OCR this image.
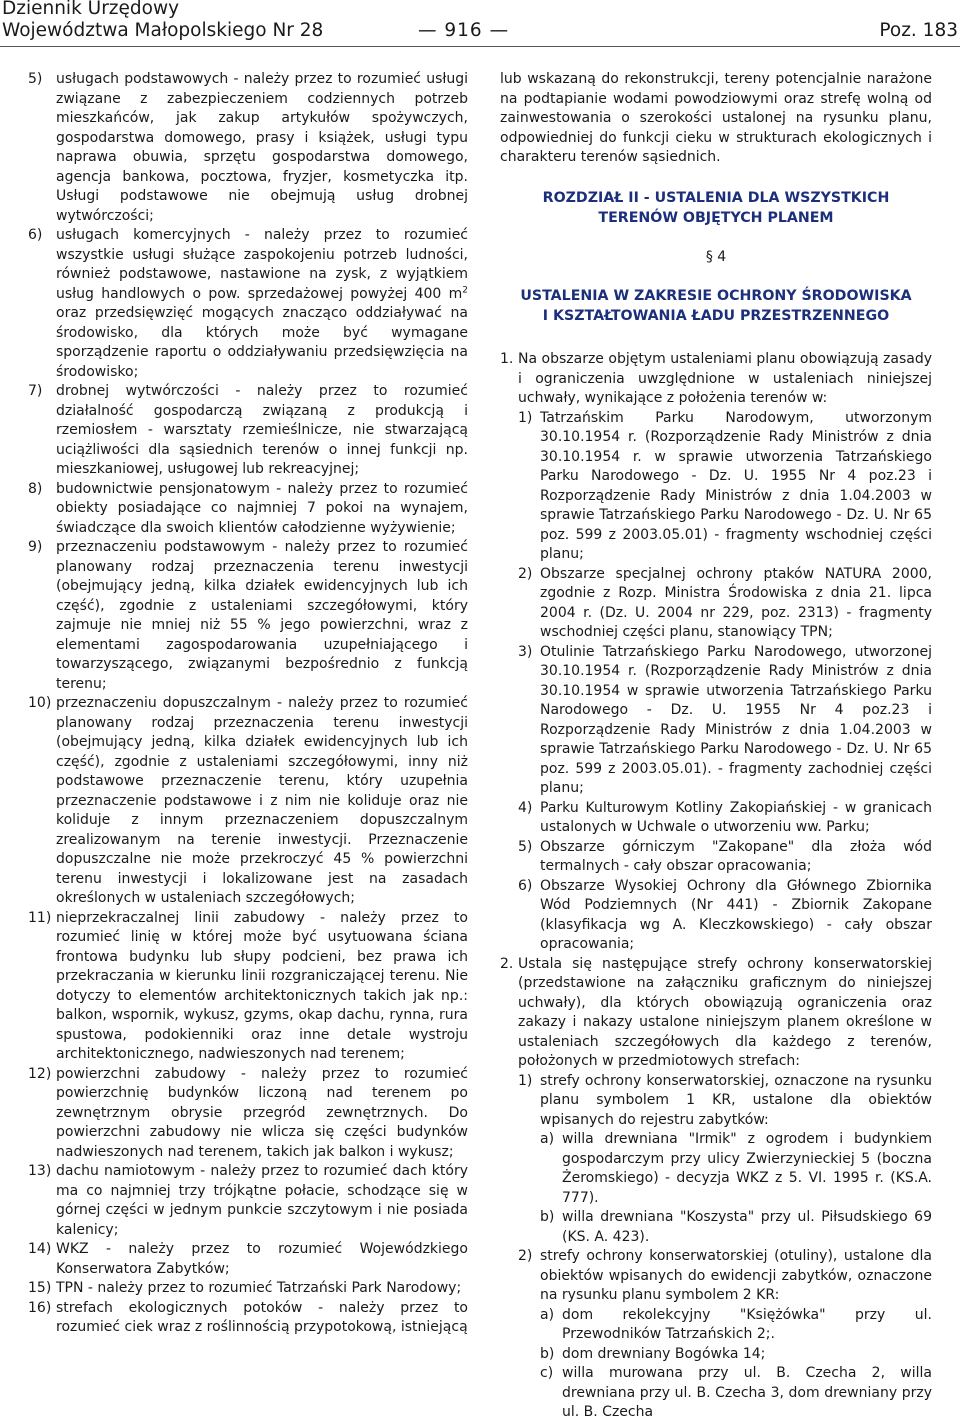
Dziennik Urzędowy
Województwa Małopolskiego Nr 28	— 916 —	Poz. 183
5) usługach podstawowych - należy przez to rozumieć usługi związane z zabezpieczeniem codziennych potrzeb mieszkańców, jak zakup artykułów spożywczych, gospodarstwa domowego, prasy i książek, usługi typu naprawa obuwia, sprzętu gospodarstwa domowego, agencja bankowa, pocztowa, fryzjer, kosmetyczka itp. Usługi podstawowe nie obejmują usług drobnej wytwórczości;
6) usługach komercyjnych - należy przez to rozumieć wszystkie usługi służące zaspokojeniu potrzeb ludności, również podstawowe, nastawione na zysk, z wyjątkiem usług handlowych o pow. sprzedażowej powyżej 400 $m^2$ oraz przedsięwzięć mogących znacząco oddziaływać na środowisko, dla których może być wymagane sporządzenie raportu o oddziaływaniu przedsięwzięcia na środowisko;
7) drobnej wytwórczości - należy przez to rozumieć działalność gospodarczą związaną z produkcją i rzemiosłem - warsztaty rzemieślnicze, nie stwarzającą uciążliwości dla sąsiednich terenów o innej funkcji np. mieszkaniowej, usługowej lub rekreacyjnej;
8) budownictwie pensjonatowym - należy przez to rozumieć obiekty posiadające co najmniej 7 pokoi na wynajem, świadczące dla swoich klientów całodzienne wyżywienie;
9) przeznaczeniu podstawowym - należy przez to rozumieć planowany rodzaj przeznaczenia terenu inwestycji (obejmujący jedną, kilka działek ewidencyjnych lub ich część), zgodnie z ustaleniami szczegółowymi, który zajmuje nie mniej niż 55 % jego powierzchni, wraz z elementami zagospodarowania uzupełniającego i towarzyszącego, związanymi bezpośrednio z funkcją terenu;
10) przeznaczeniu dopuszczalnym - należy przez to rozumieć planowany rodzaj przeznaczenia terenu inwestycji (obejmujący jedną, kilka działek ewidencyjnych lub ich część), zgodnie z ustaleniami szczegółowymi, inny niż podstawowe przeznaczenie terenu, który uzupełnia przeznaczenie podstawowe i z nim nie koliduje oraz nie koliduje z innym przeznaczeniem dopuszczalnym zrealizowanym na terenie inwestycji. Przeznaczenie dopuszczalne nie może przekroczyć 45 % powierzchni terenu inwestycji i lokalizowane jest na zasadach określonych w ustaleniach szczegółowych;
11) nieprzekraczalnej linii zabudowy - należy przez to rozumieć linię w której może być usytuowana ściana frontowa budynku lub słupy podcieni, bez prawa ich przekraczania w kierunku linii rozgraniczającej terenu. Nie dotyczy to elementów architektonicznych takich jak np.: balkon, wspornik, wykusz, gzyms, okap dachu, rynna, rura spustowa, podokienniki oraz inne detale wystroju architektonicznego, nadwieszonych nad terenem;
12) powierzchni zabudowy - należy przez to rozumieć powierzchnię budynków liczoną nad terenem po zewnętrznym obrysie przegród zewnętrznych. Do powierzchni zabudowy nie wlicza się części budynków nadwieszonych nad terenem, takich jak balkon i wykusz;
13) dachu namiotowym - należy przez to rozumieć dach który ma co najmniej trzy trójkątne połacie, schodzące się w górnej części w jednym punkcie szczytowym i nie posiada kalenicy;
14) WKZ - należy przez to rozumieć Wojewódzkiego Konserwatora Zabytków;
15) TPN - należy przez to rozumieć Tatrzański Park Narodowy;
16) strefach ekologicznych potoków - należy przez to rozumieć ciek wraz z roślinnością przypotokową, istniejącą

lub wskazaną do rekonstrukcji, tereny potencjalnie narażone na podtapianie wodami powodziowymi oraz strefę wolną od zainwestowania o szerokości ustalonej na rysunku planu, odpowiedniej do funkcji cieku w strukturach ekologicznych i charakteru terenów sąsiednich.

ROZDZIAŁ II - USTALENIA DLA WSZYSTKICH
TERENÓW OBJĘTYCH PLANEM
§ 4
USTALENIA W ZAKRESIE OCHRONY ŚRODOWISKA
I KSZTAŁTOWANIA ŁADU PRZESTRZENNEGO
1. Na obszarze objętym ustaleniami planu obowiązują zasady i ograniczenia uwzględnione w ustaleniach niniejszej uchwały, wynikające z położenia terenów w:
1) Tatrzańskim Parku Narodowym, utworzonym 30.10.1954 r. (Rozporządzenie Rady Ministrów z dnia 30.10.1954 r. w sprawie utworzenia Tatrzańskiego Parku Narodowego - Dz. U. 1955 Nr 4 poz.23 i Rozporządzenie Rady Ministrów z dnia 1.04.2003 w sprawie Tatrzańskiego Parku Narodowego - Dz. U. Nr 65 poz. 599 z 2003.05.01) - fragmenty wschodniej części planu;
2) Obszarze specjalnej ochrony ptaków NATURA 2000, zgodnie z Rozp. Ministra Środowiska z dnia 21. lipca 2004 r. (Dz. U. 2004 nr 229, poz. 2313) - fragmenty wschodniej części planu, stanowiący TPN;
3) Otulinie Tatrzańskiego Parku Narodowego, utworzonej 30.10.1954 r. (Rozporządzenie Rady Ministrów z dnia 30.10.1954 w sprawie utworzenia Tatrzańskiego Parku Narodowego - Dz. U. 1955 Nr 4 poz.23 i Rozporządzenie Rady Ministrów z dnia 1.04.2003 w sprawie Tatrzańskiego Parku Narodowego - Dz. U. Nr 65 poz. 599 z 2003.05.01). - fragmenty zachodniej części planu;
4) Parku Kulturowym Kotliny Zakopiańskiej - w granicach ustalonych w Uchwale o utworzeniu ww. Parku;
5) Obszarze górniczym "Zakopane" dla złoża wód termalnych - cały obszar opracowania;
6) Obszarze Wysokiej Ochrony dla Głównego Zbiornika Wód Podziemnych (Nr 441) - Zbiornik Zakopane (klasyfikacja wg A. Kleczkowskiego) - cały obszar opracowania;
2. Ustala się następujące strefy ochrony konserwatorskiej (przedstawione na załączniku graficznym do niniejszej uchwały), dla których obowiązują ograniczenia oraz zakazy i nakazy ustalone niniejszym planem określone w ustaleniach szczegółowych dla każdego z terenów, położonych w przedmiotowych strefach:
1) strefy ochrony konserwatorskiej, oznaczone na rysunku planu symbolem 1 KR, ustalone dla obiektów wpisanych do rejestru zabytków:
a) willa drewniana "Irmik" z ogrodem i budynkiem gospodarczym przy ulicy Zwierzynieckiej 5 (boczna Żeromskiego) - decyzja WKZ z 5. VI. 1995 r. (KS.A. 777).
b) willa drewniana "Koszysta" przy ul. Piłsudskiego 69 (KS. A. 423).
2) strefy ochrony konserwatorskiej (otuliny), ustalone dla obiektów wpisanych do ewidencji zabytków, oznaczone na rysunku planu symbolem 2 KR:
a) dom rekolekcyjny "Księżówka" przy ul. Przewodników Tatrzańskich 2;.
b) dom drewniany Bogówka 14;
c) willa murowana przy ul. B. Czecha 2, willa drewniana przy ul. B. Czecha 3, dom drewniany przy ul. B. Czecha
